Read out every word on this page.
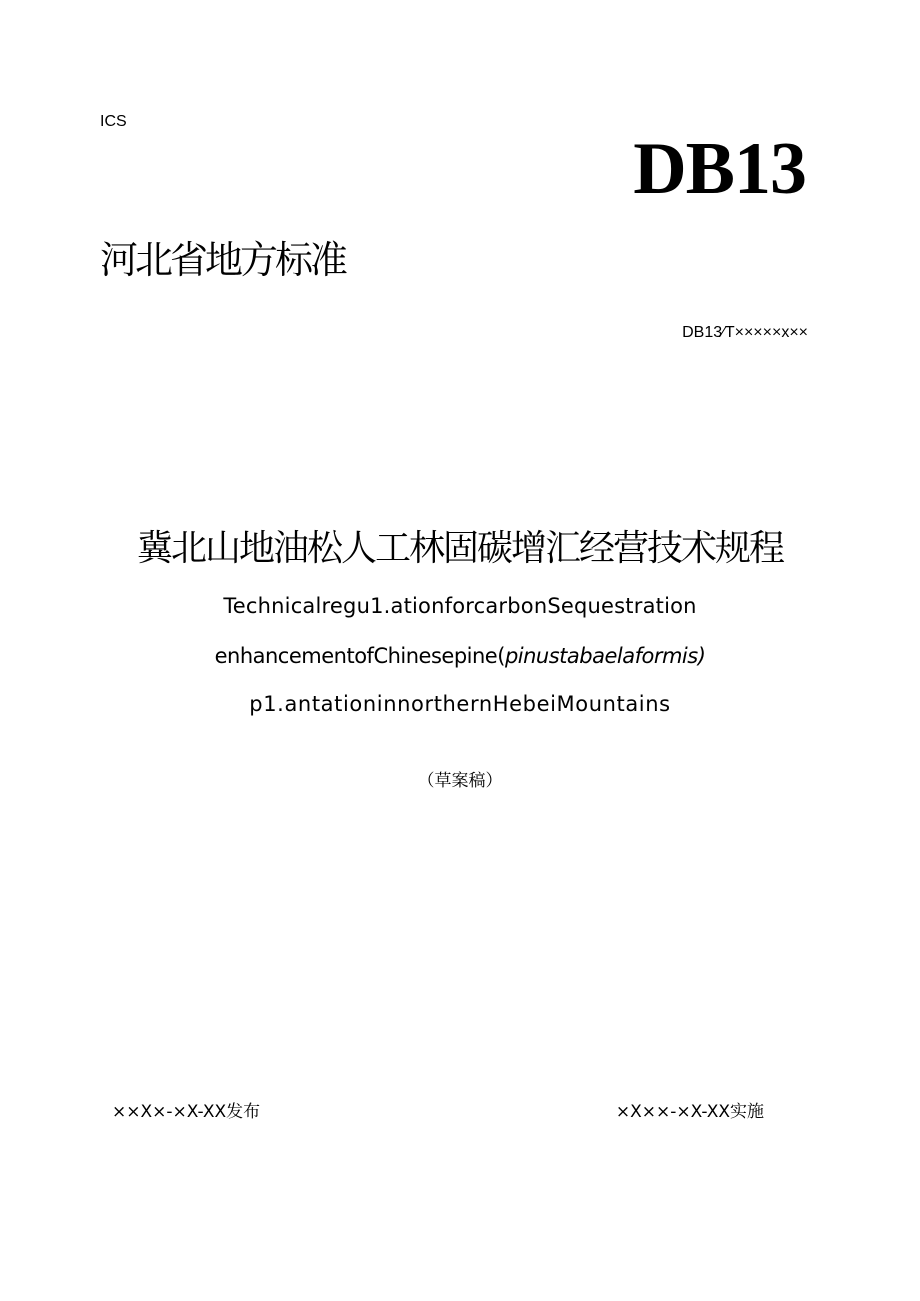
ICS
DB13
河北省地方标准
DB13∕T×××××x××
冀北山地油松人工林固碳增汇经营技术规程
Technicalregu1.ationforcarbonSequestration
enhancementofChinesepine(pinustabaelaformis)
p1.antationinnorthernHebeiMountains
（草案稿）
××X×-×X-XX发布	×X××-×X-XX实施
